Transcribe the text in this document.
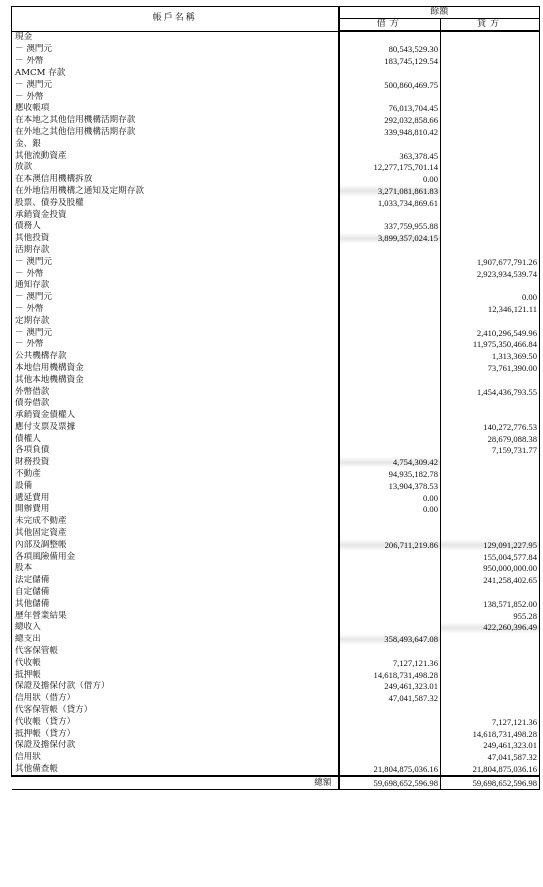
帳戶名稱	餘額	
	借方	貸方
現金		
－ 澳門元	80,543,529.30	
－ 外幣	183,745,129.54	
AMCM 存款		
－ 澳門元	500,860,469.75	
－ 外幣		
應收帳項	76,013,704.45	
在本地之其他信用機構活期存款	292,032,858.66	
在外地之其他信用機構活期存款	339,948,810.42	
金、銀		
其他流動資產	363,378.45	
放款	12,277,175,701.14	
在本澳信用機構拆放	0.00	
在外地信用機構之通知及定期存款	3,271,081,861.83	
股票、債券及股權	1,033,734,869.61	
承銷資金投資		
債務人	337,759,955.88	
其他投資	3,899,357,024.15	
活期存款		
－ 澳門元		1,907,677,791.26
－ 外幣		2,923,934,539.74
通知存款		
－ 澳門元		0.00
－ 外幣		12,346,121.11
定期存款		
－ 澳門元		2,410,296,549.96
－ 外幣		11,975,350,466.84
公共機構存款		1,313,369.50
本地信用機構資金		73,761,390.00
其他本地機構資金		
外幣借款		1,454,436,793.55
債券借款		
承銷資金債權人		
應付支票及票據		140,272,776.53
債權人		28,679,088.38
各項負債		7,159,731.77
財務投資	4,754,309.42	
不動產	94,935,182.78	
設備	13,904,378.53	
遞延費用	0.00	
開辦費用	0.00	
未完成不動產		
其他固定資產		
內部及調整帳	206,711,219.86	129,091,227.95
各項風險備用金		155,004,577.84
股本		950,000,000.00
法定儲備		241,258,402.65
自定儲備		
其他儲備		138,571,852.00
歷年營業結果		955.28
總收入		422,260,396.49
總支出	358,493,647.08	
代客保管帳		
代收帳	7,127,121.36	
抵押帳	14,618,731,498.28	
保證及擔保付款（借方）	249,461,323.01	
信用狀（借方）	47,041,587.32	
代客保管帳（貸方）		
代收帳（貸方）		7,127,121.36
抵押帳（貸方）		14,618,731,498.28
保證及擔保付款		249,461,323.01
信用狀		47,041,587.32
其他備查帳	21,804,875,036.16	21,804,875,036.16
總額	59,698,652,596.98	59,698,652,596.98
